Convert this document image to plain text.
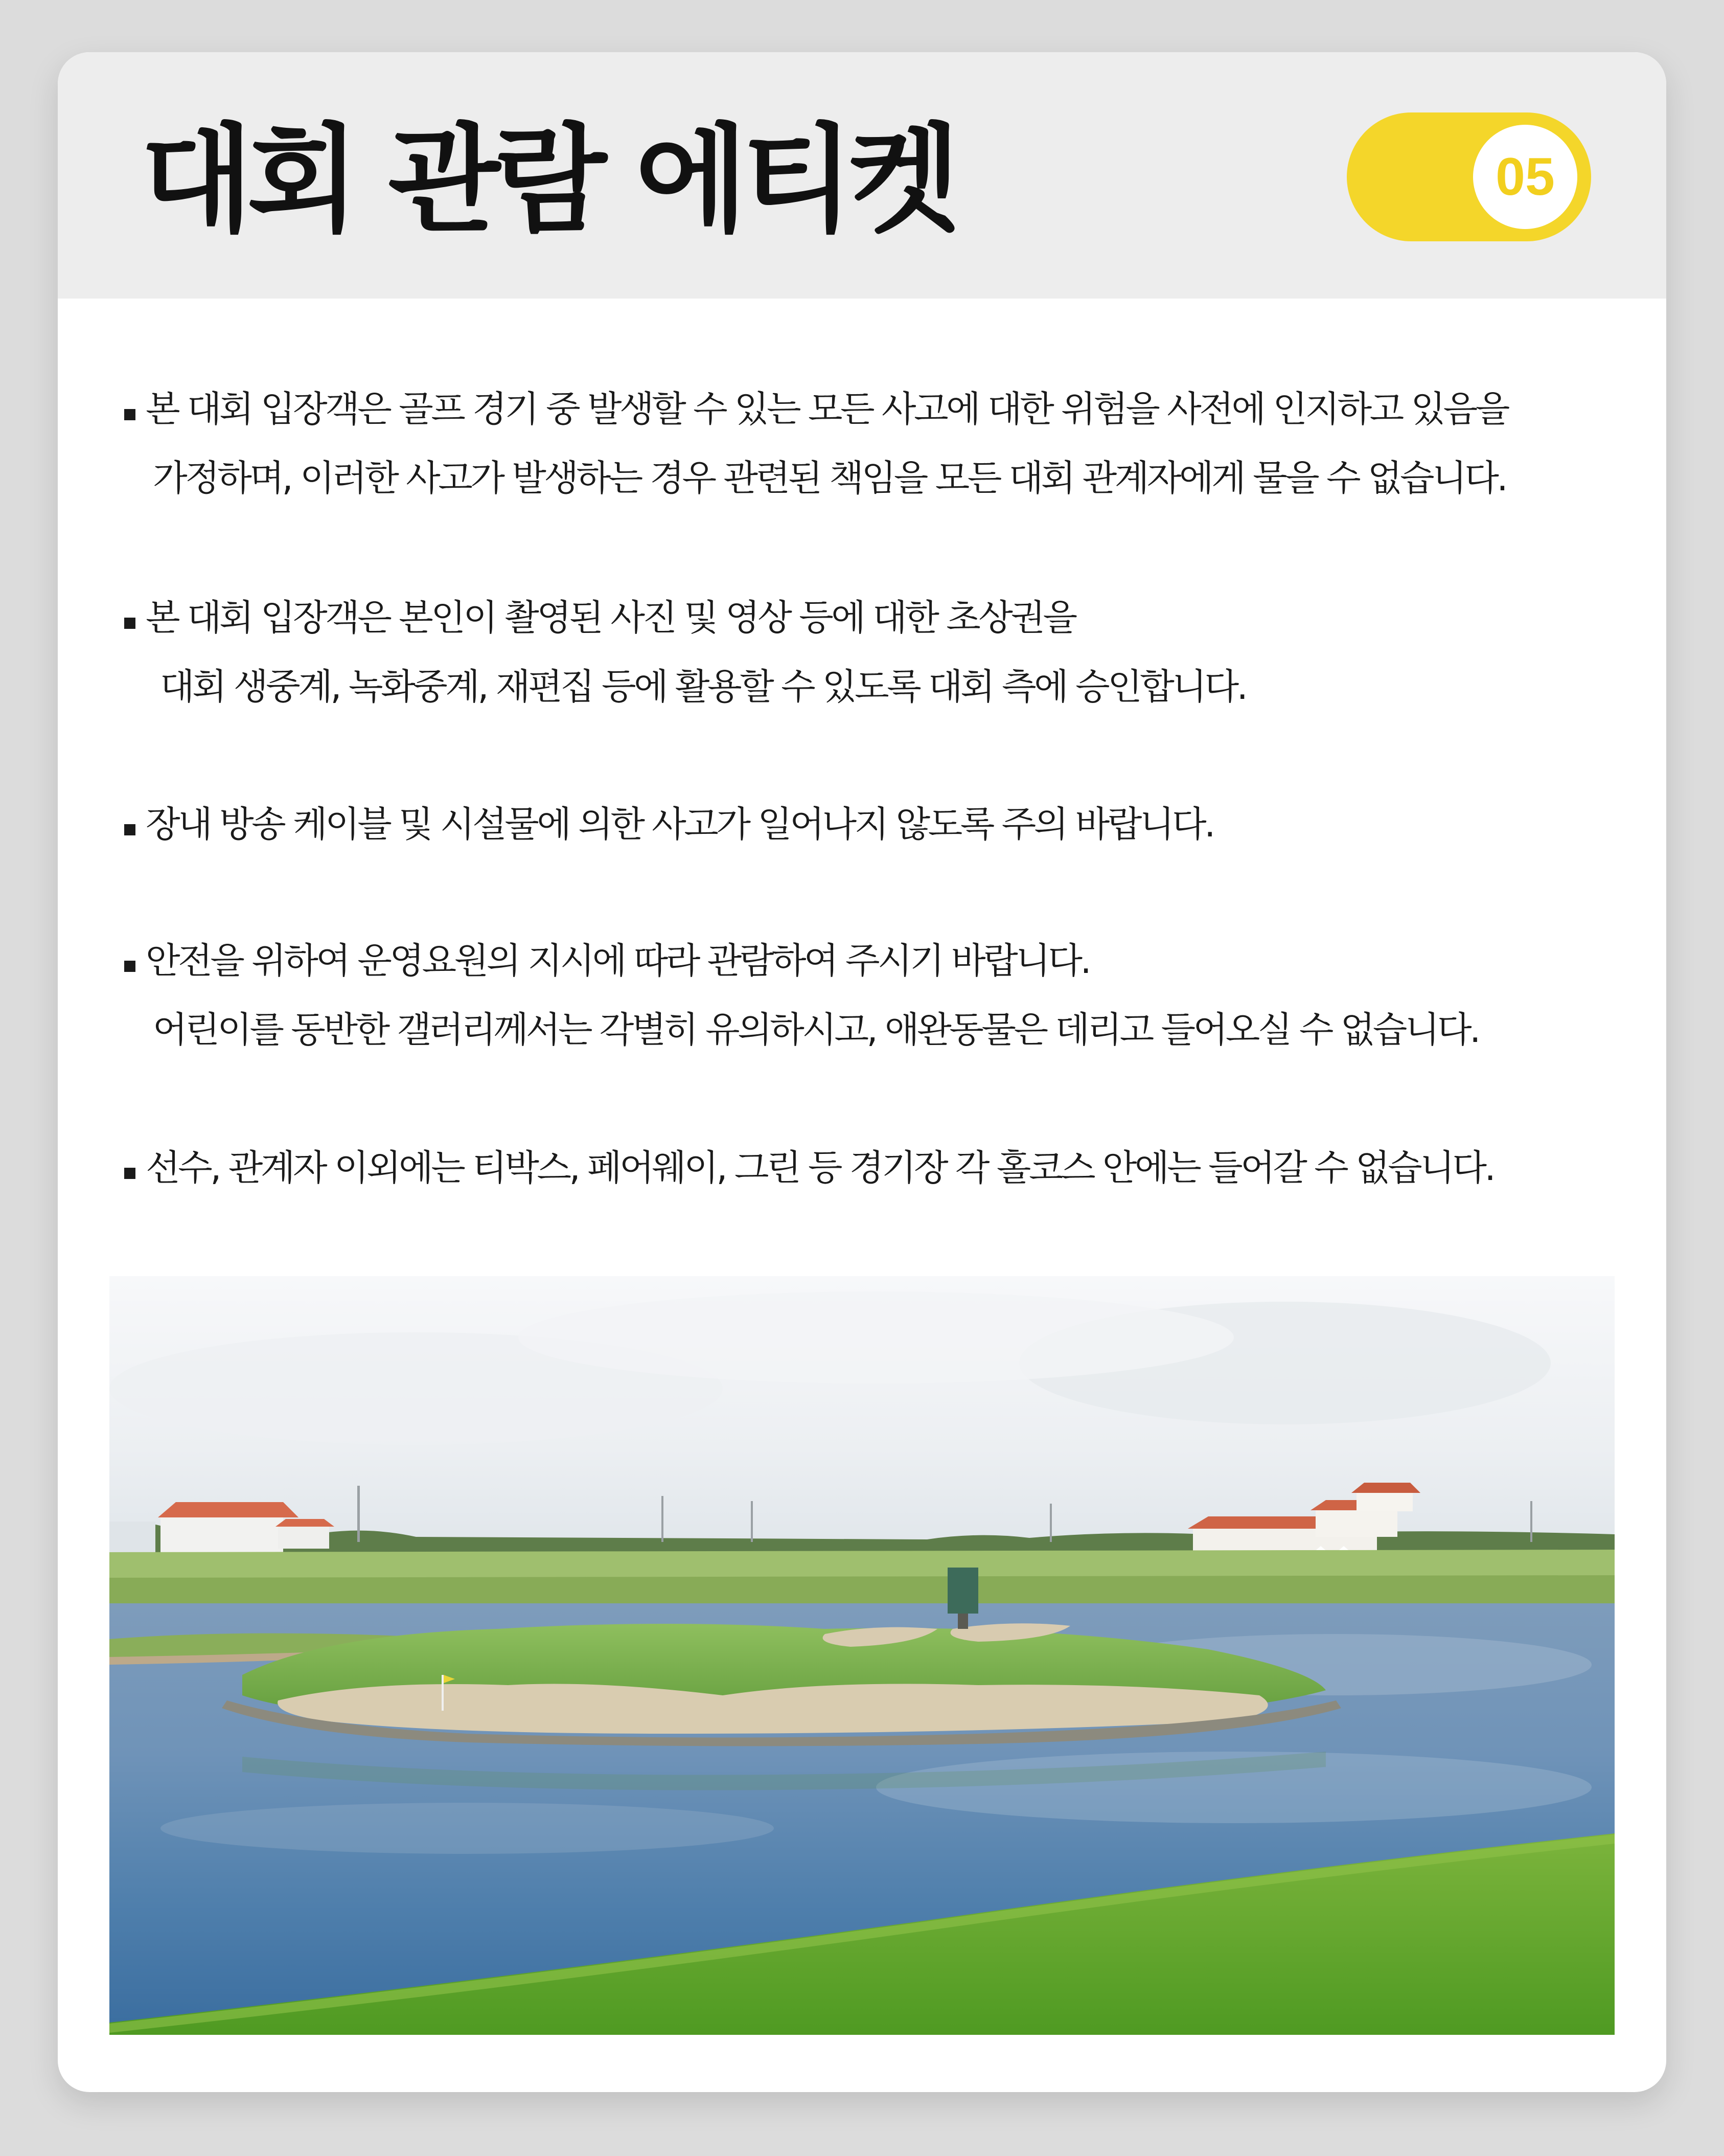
대회 관람 에티켓	05
본 대회 입장객은 골프 경기 중 발생할 수 있는 모든 사고에 대한 위험을 사전에 인지하고 있음을
가정하며, 이러한 사고가 발생하는 경우 관련된 책임을 모든 대회 관계자에게 물을 수 없습니다.
본 대회 입장객은 본인이 촬영된 사진 및 영상 등에 대한 초상권을
대회 생중계, 녹화중계, 재편집 등에 활용할 수 있도록 대회 측에 승인합니다.
장내 방송 케이블 및 시설물에 의한 사고가 일어나지 않도록 주의 바랍니다.
안전을 위하여 운영요원의 지시에 따라 관람하여 주시기 바랍니다.
어린이를 동반한 갤러리께서는 각별히 유의하시고, 애완동물은 데리고 들어오실 수 없습니다.
선수, 관계자 이외에는 티박스, 페어웨이, 그린 등 경기장 각 홀코스 안에는 들어갈 수 없습니다.
